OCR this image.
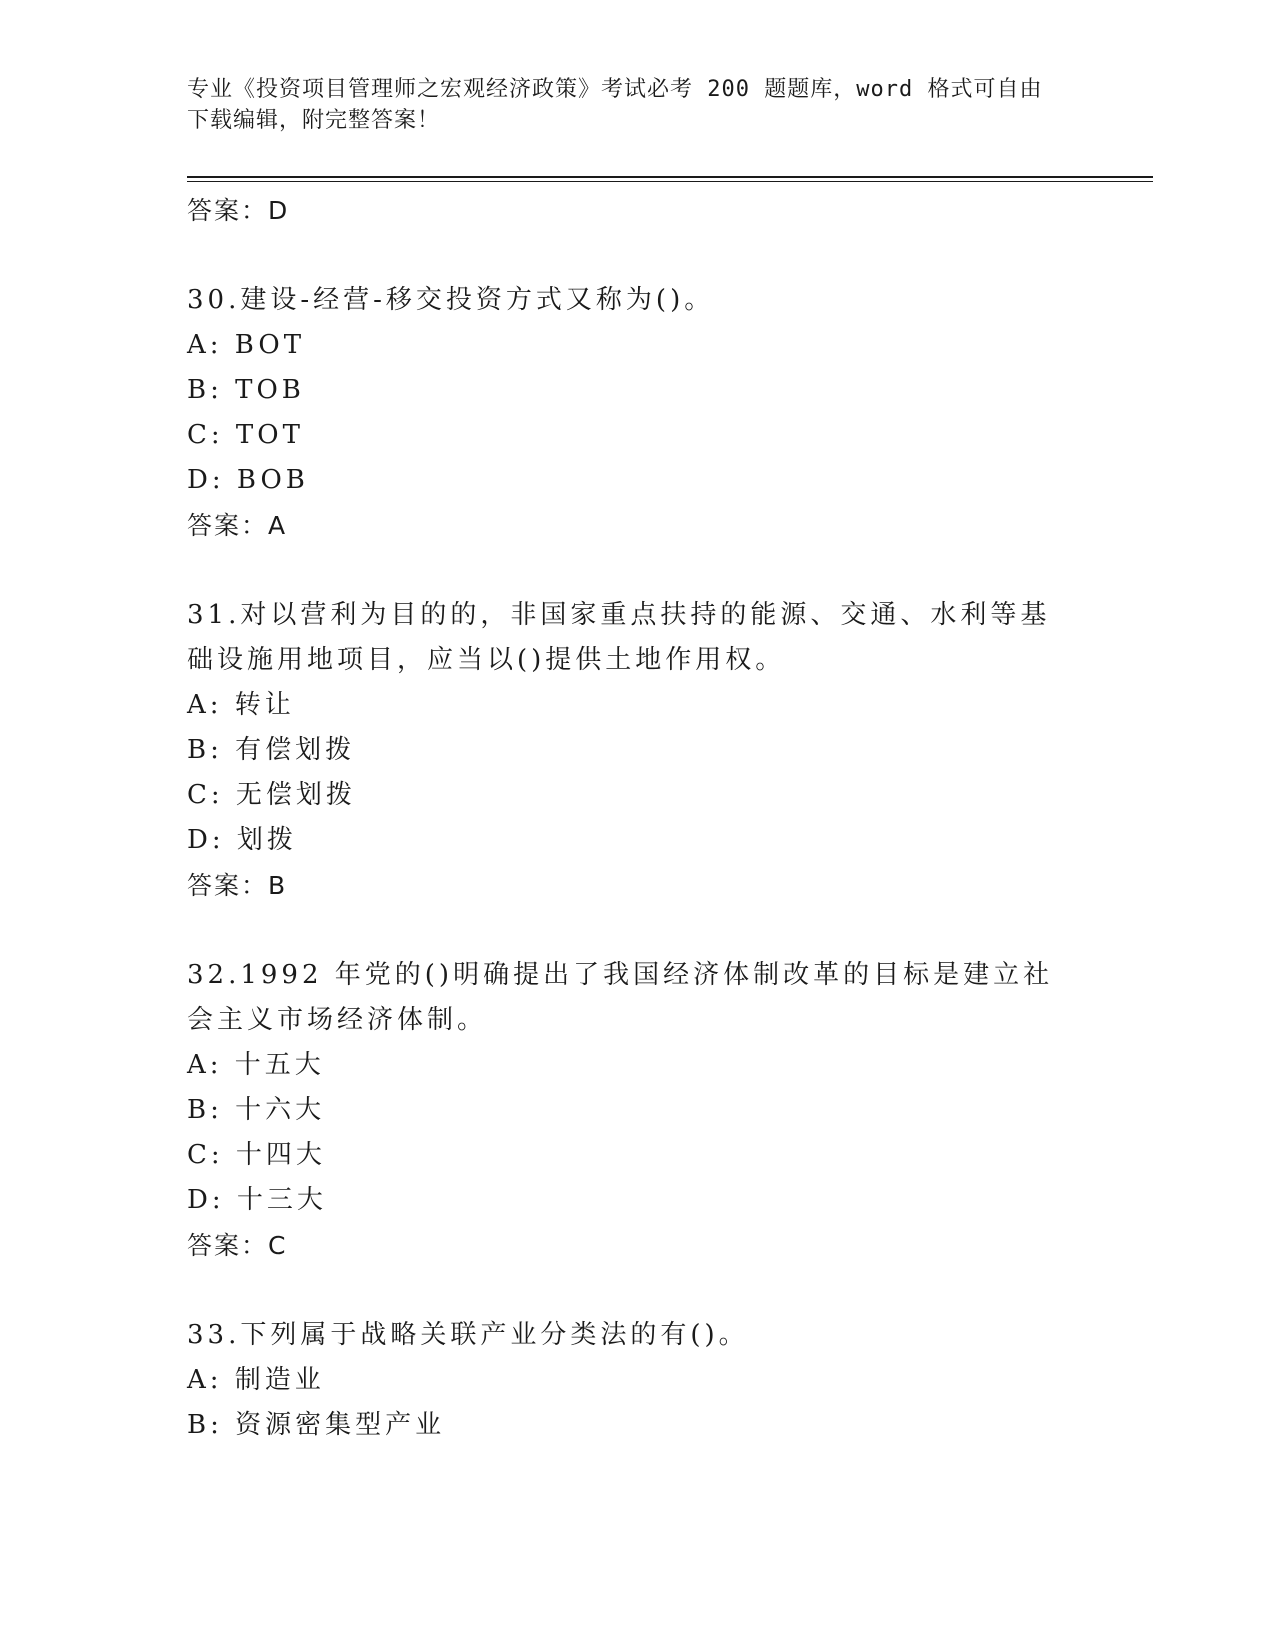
专业《投资项目管理师之宏观经济政策》考试必考 200 题题库，word 格式可自由
下载编辑，附完整答案！
答案：D
30.建设-经营-移交投资方式又称为()。
A: BOT
B: TOB
C: TOT
D: BOB
答案：A
31.对以营利为目的的，非国家重点扶持的能源、交通、水利等基础设施用地项目，应当以()提供土地作用权。
A: 转让
B: 有偿划拨
C: 无偿划拨
D: 划拨
答案：B
32.1992 年党的()明确提出了我国经济体制改革的目标是建立社会主义市场经济体制。
A: 十五大
B: 十六大
C: 十四大
D: 十三大
答案：C
33.下列属于战略关联产业分类法的有()。
A: 制造业
B: 资源密集型产业
